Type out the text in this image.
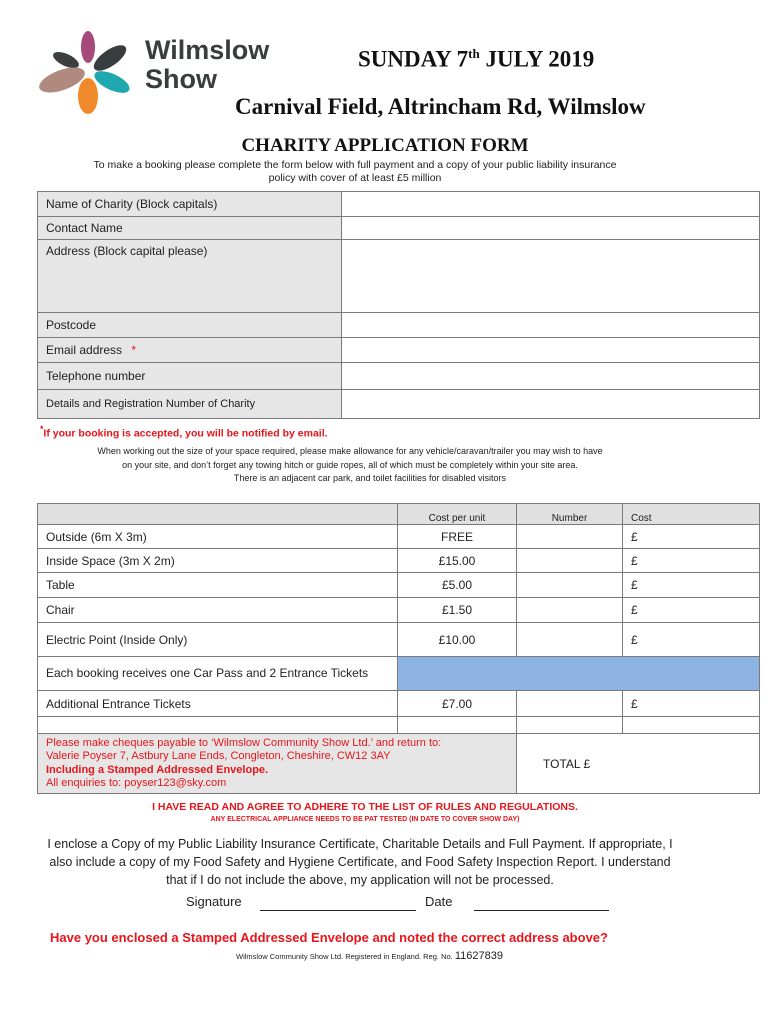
Wilmslow
Show
SUNDAY 7th JULY 2019
Carnival Field, Altrincham Rd, Wilmslow
CHARITY APPLICATION FORM
To make a booking please complete the form below with full payment and a copy of your public liability insurance
policy with cover of at least £5 million
Name of Charity (Block capitals)	
Contact Name	
Address (Block capital please)	
Postcode	
Email address *	
Telephone number	
Details and Registration Number of Charity	
*If your booking is accepted, you will be notified by email.
When working out the size of your space required, please make allowance for any vehicle/caravan/trailer you may wish to have
on your site, and don’t forget any towing hitch or guide ropes, all of which must be completely within your site area.
There is an adjacent car park, and toilet facilities for disabled visitors
	Cost per unit	Number	Cost
Outside (6m X 3m)	FREE		£
Inside Space (3m X 2m)	£15.00		£
Table	£5.00		£
Chair	£1.50		£
Electric Point (Inside Only)	£10.00		£
Each booking receives one Car Pass and 2 Entrance Tickets			
Additional Entrance Tickets	£7.00		£

Please make cheques payable to ‘Wilmslow Community Show Ltd.’ and return to:
Valerie Poyser 7, Astbury Lane Ends, Congleton, Cheshire, CW12 3AY
Including a Stamped Addressed Envelope.
All enquiries to: poyser123@sky.com		TOTAL £	
I HAVE READ AND AGREE TO ADHERE TO THE LIST OF RULES AND REGULATIONS.
ANY ELECTRICAL APPLIANCE NEEDS TO BE PAT TESTED (IN DATE TO COVER SHOW DAY)
I enclose a Copy of my Public Liability Insurance Certificate, Charitable Details and Full Payment. If appropriate, I also include a copy of my Food Safety and Hygiene Certificate, and Food Safety Inspection Report. I understand that if I do not include the above, my application will not be processed.
Signature	Date
Have you enclosed a Stamped Addressed Envelope and noted the correct address above?
Wilmslow Community Show Ltd. Registered in England. Reg. No. 11627839
